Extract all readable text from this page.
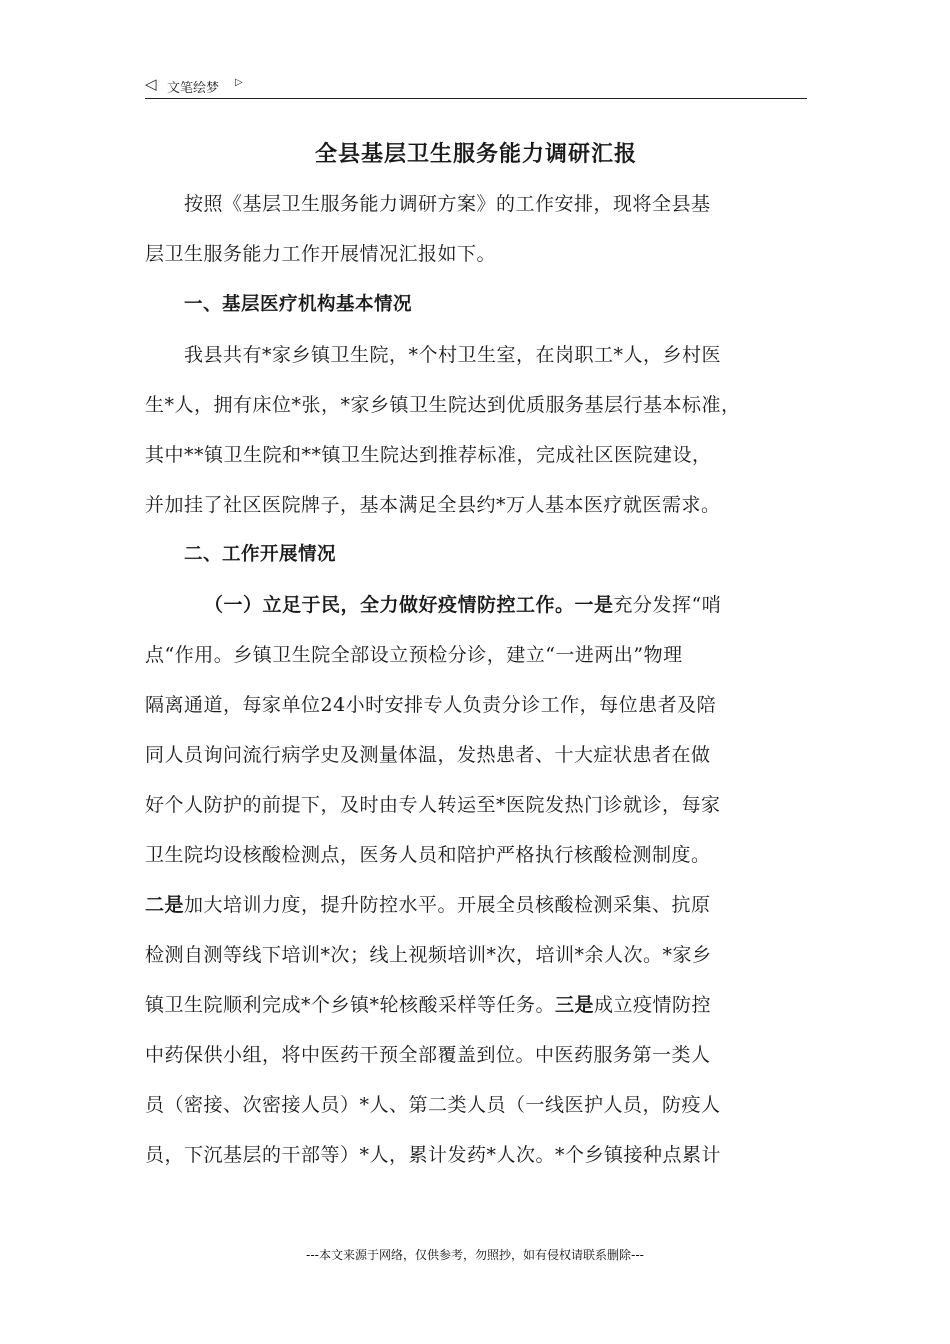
◁ 文笔绘梦 ▷
全县基层卫生服务能力调研汇报
按照《基层卫生服务能力调研方案》的工作安排，现将全县基
层卫生服务能力工作开展情况汇报如下。
一、基层医疗机构基本情况
我县共有*家乡镇卫生院，*个村卫生室，在岗职工*人，乡村医
生*人，拥有床位*张，*家乡镇卫生院达到优质服务基层行基本标准，
其中**镇卫生院和**镇卫生院达到推荐标准，完成社区医院建设，
并加挂了社区医院牌子，基本满足全县约*万人基本医疗就医需求。
二、工作开展情况
（一）立足于民，全力做好疫情防控工作。一是充分发挥“哨
点“作用。乡镇卫生院全部设立预检分诊，建立“一进两出”物理
隔离通道，每家单位24小时安排专人负责分诊工作，每位患者及陪
同人员询问流行病学史及测量体温，发热患者、十大症状患者在做
好个人防护的前提下，及时由专人转运至*医院发热门诊就诊，每家
卫生院均设核酸检测点，医务人员和陪护严格执行核酸检测制度。
二是加大培训力度，提升防控水平。开展全员核酸检测采集、抗原
检测自测等线下培训*次；线上视频培训*次，培训*余人次。*家乡
镇卫生院顺利完成*个乡镇*轮核酸采样等任务。三是成立疫情防控
中药保供小组，将中医药干预全部覆盖到位。中医药服务第一类人
员（密接、次密接人员）*人、第二类人员（一线医护人员，防疫人
员，下沉基层的干部等）*人，累计发药*人次。*个乡镇接种点累计
---本文来源于网络，仅供参考，勿照抄，如有侵权请联系删除---
